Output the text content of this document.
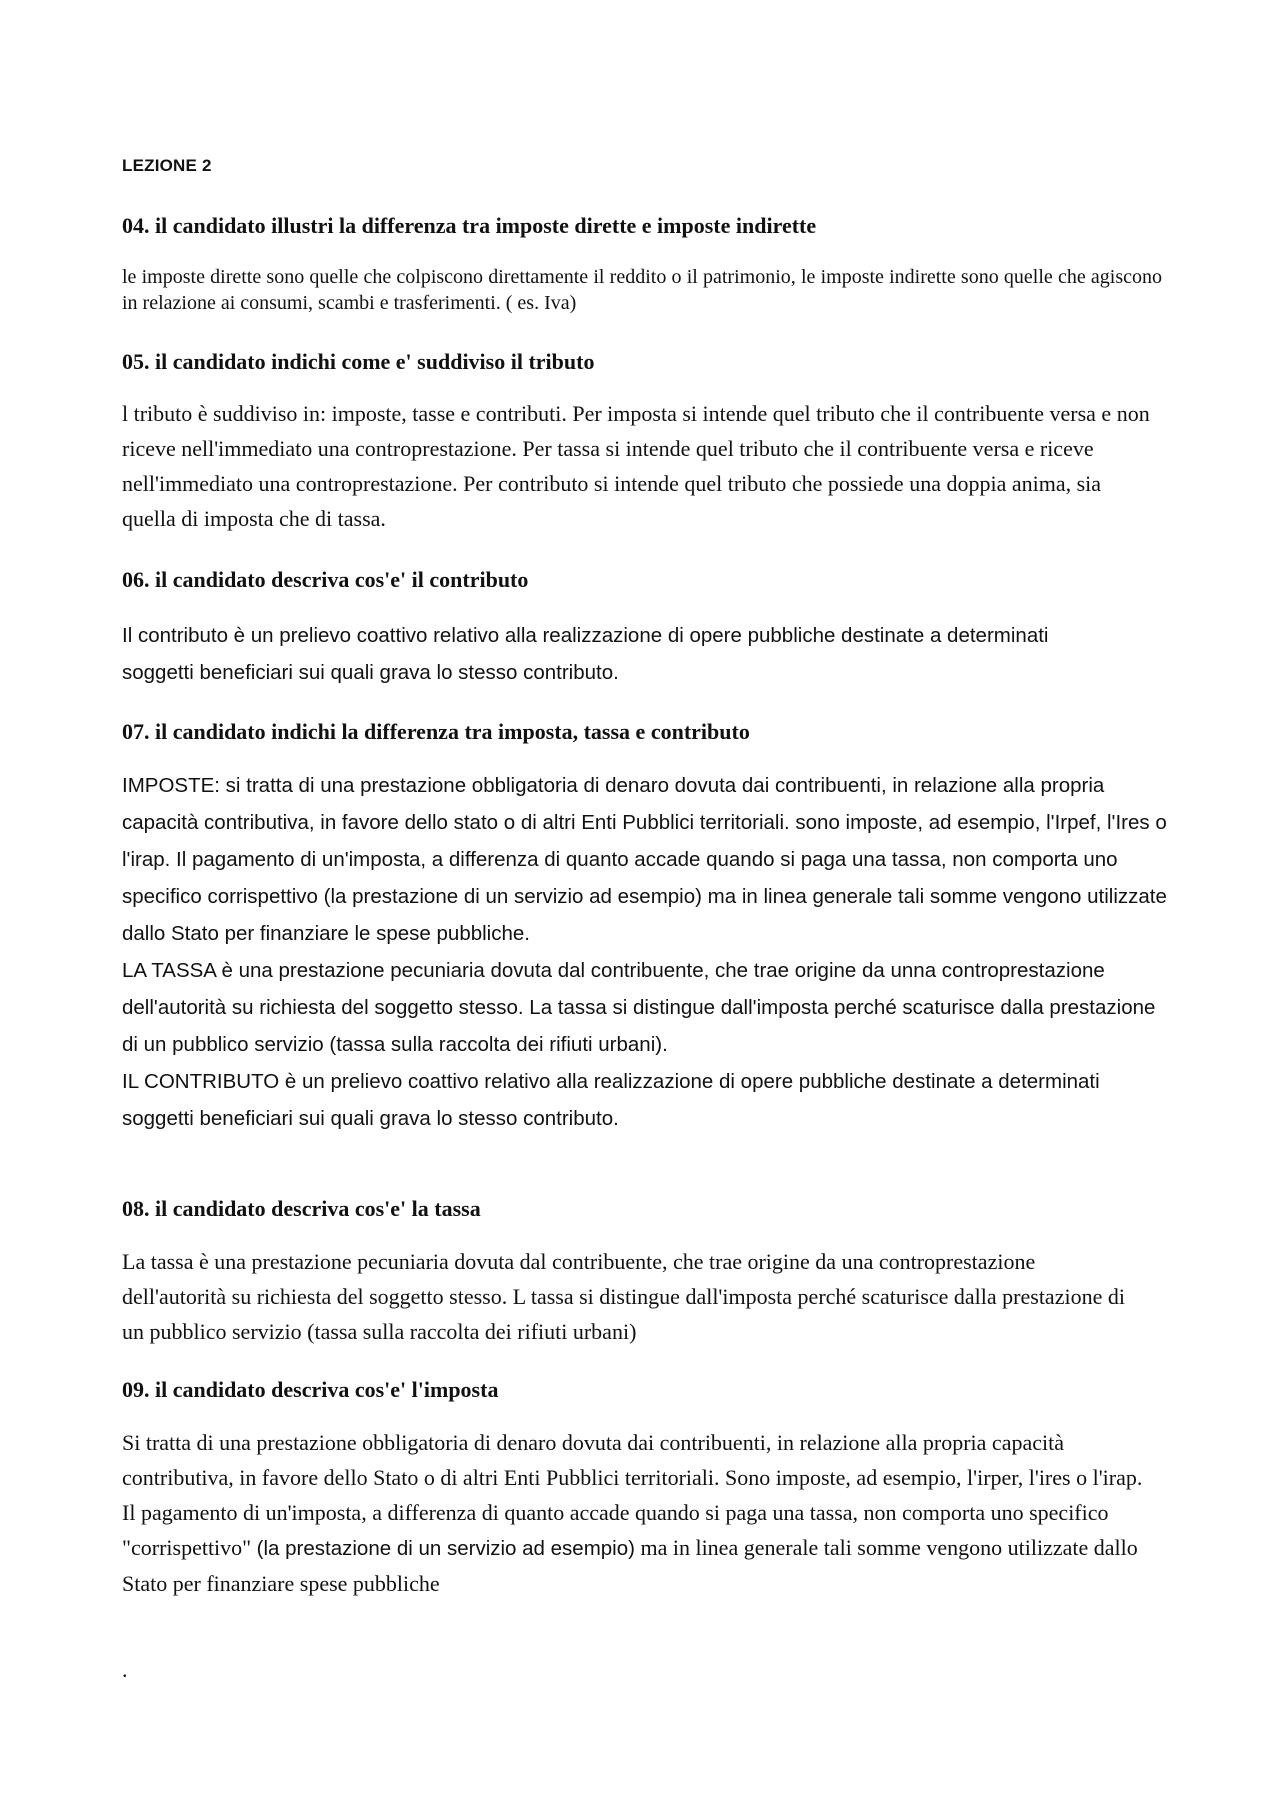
LEZIONE 2
04. il candidato illustri la differenza tra imposte dirette e imposte indirette

le imposte dirette sono quelle che colpiscono direttamente il reddito o il patrimonio, le imposte indirette sono quelle che agiscono in relazione ai consumi, scambi e trasferimenti. ( es. Iva)

05. il candidato indichi come e' suddiviso il tributo

l tributo è suddiviso in: imposte, tasse e contributi. Per imposta si intende quel tributo che il contribuente versa e non riceve nell'immediato una controprestazione. Per tassa si intende quel tributo che il contribuente versa e riceve nell'immediato una controprestazione. Per contributo si intende quel tributo che possiede una doppia anima, sia quella di imposta che di tassa.

06. il candidato descriva cos'e' il contributo

Il contributo è un prelievo coattivo relativo alla realizzazione di opere pubbliche destinate a determinati soggetti beneficiari sui quali grava lo stesso contributo.

07. il candidato indichi la differenza tra imposta, tassa e contributo
IMPOSTE: si tratta di una prestazione obbligatoria di denaro dovuta dai contribuenti, in relazione alla propria capacità contributiva, in favore dello stato o di altri Enti Pubblici territoriali. sono imposte, ad esempio, l'Irpef, l'Ires o l'irap. Il pagamento di un'imposta, a differenza di quanto accade quando si paga una tassa, non comporta uno specifico corrispettivo (la prestazione di un servizio ad esempio) ma in linea generale tali somme vengono utilizzate dallo Stato per finanziare le spese pubbliche.
LA TASSA è una prestazione pecuniaria dovuta dal contribuente, che trae origine da unna controprestazione dell'autorità su richiesta del soggetto stesso. La tassa si distingue dall'imposta perché scaturisce dalla prestazione di un pubblico servizio (tassa sulla raccolta dei rifiuti urbani).
IL CONTRIBUTO è un prelievo coattivo relativo alla realizzazione di opere pubbliche destinate a determinati soggetti beneficiari sui quali grava lo stesso contributo.
08. il candidato descriva cos'e' la tassa

La tassa è una prestazione pecuniaria dovuta dal contribuente, che trae origine da una controprestazione dell'autorità su richiesta del soggetto stesso. L tassa si distingue dall'imposta perché scaturisce dalla prestazione di un pubblico servizio (tassa sulla raccolta dei rifiuti urbani)

09. il candidato descriva cos'e' l'imposta

Si tratta di una prestazione obbligatoria di denaro dovuta dai contribuenti, in relazione alla propria capacità contributiva, in favore dello Stato o di altri Enti Pubblici territoriali. Sono imposte, ad esempio, l'irper, l'ires o l'irap. Il pagamento di un'imposta, a differenza di quanto accade quando si paga una tassa, non comporta uno specifico "corrispettivo" (la prestazione di un servizio ad esempio) ma in linea generale tali somme vengono utilizzate dallo Stato per finanziare spese pubbliche

.
